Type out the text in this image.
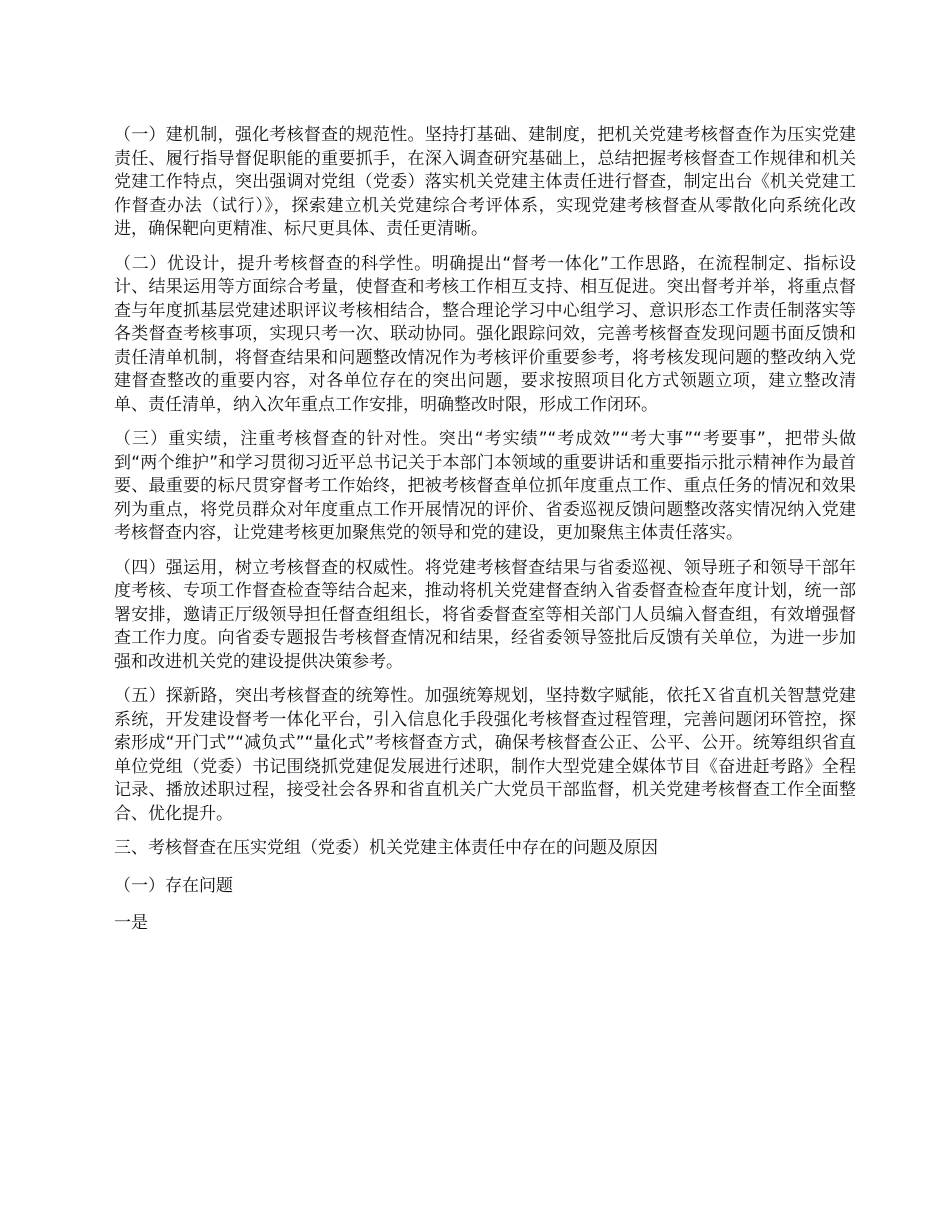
（一）建机制，强化考核督查的规范性。坚持打基础、建制度，把机关党建考核督查作为压实党建责任、履行指导督促职能的重要抓手，在深入调查研究基础上，总结把握考核督查工作规律和机关党建工作特点，突出强调对党组（党委）落实机关党建主体责任进行督查，制定出台《机关党建工作督查办法（试行）》，探索建立机关党建综合考评体系，实现党建考核督查从零散化向系统化改进，确保靶向更精准、标尺更具体、责任更清晰。

（二）优设计，提升考核督查的科学性。明确提出“督考一体化”工作思路，在流程制定、指标设计、结果运用等方面综合考量，使督查和考核工作相互支持、相互促进。突出督考并举，将重点督查与年度抓基层党建述职评议考核相结合，整合理论学习中心组学习、意识形态工作责任制落实等各类督查考核事项，实现只考一次、联动协同。强化跟踪问效，完善考核督查发现问题书面反馈和责任清单机制，将督查结果和问题整改情况作为考核评价重要参考，将考核发现问题的整改纳入党建督查整改的重要内容，对各单位存在的突出问题，要求按照项目化方式领题立项，建立整改清单、责任清单，纳入次年重点工作安排，明确整改时限，形成工作闭环。

（三）重实绩，注重考核督查的针对性。突出“考实绩”“考成效”“考大事”“考要事”，把带头做到“两个维护”和学习贯彻习近平总书记关于本部门本领域的重要讲话和重要指示批示精神作为最首要、最重要的标尺贯穿督考工作始终，把被考核督查单位抓年度重点工作、重点任务的情况和效果列为重点，将党员群众对年度重点工作开展情况的评价、省委巡视反馈问题整改落实情况纳入党建考核督查内容，让党建考核更加聚焦党的领导和党的建设，更加聚焦主体责任落实。

（四）强运用，树立考核督查的权威性。将党建考核督查结果与省委巡视、领导班子和领导干部年度考核、专项工作督查检查等结合起来，推动将机关党建督查纳入省委督查检查年度计划，统一部署安排，邀请正厅级领导担任督查组组长，将省委督查室等相关部门人员编入督查组，有效增强督查工作力度。向省委专题报告考核督查情况和结果，经省委领导签批后反馈有关单位，为进一步加强和改进机关党的建设提供决策参考。

（五）探新路，突出考核督查的统筹性。加强统筹规划，坚持数字赋能，依托Ｘ省直机关智慧党建系统，开发建设督考一体化平台，引入信息化手段强化考核督查过程管理，完善问题闭环管控，探索形成“开门式”“减负式”“量化式”考核督查方式，确保考核督查公正、公平、公开。统筹组织省直单位党组（党委）书记围绕抓党建促发展进行述职，制作大型党建全媒体节目《奋进赶考路》全程记录、播放述职过程，接受社会各界和省直机关广大党员干部监督，机关党建考核督查工作全面整合、优化提升。

三、考核督查在压实党组（党委）机关党建主体责任中存在的问题及原因

（一）存在问题

一是
